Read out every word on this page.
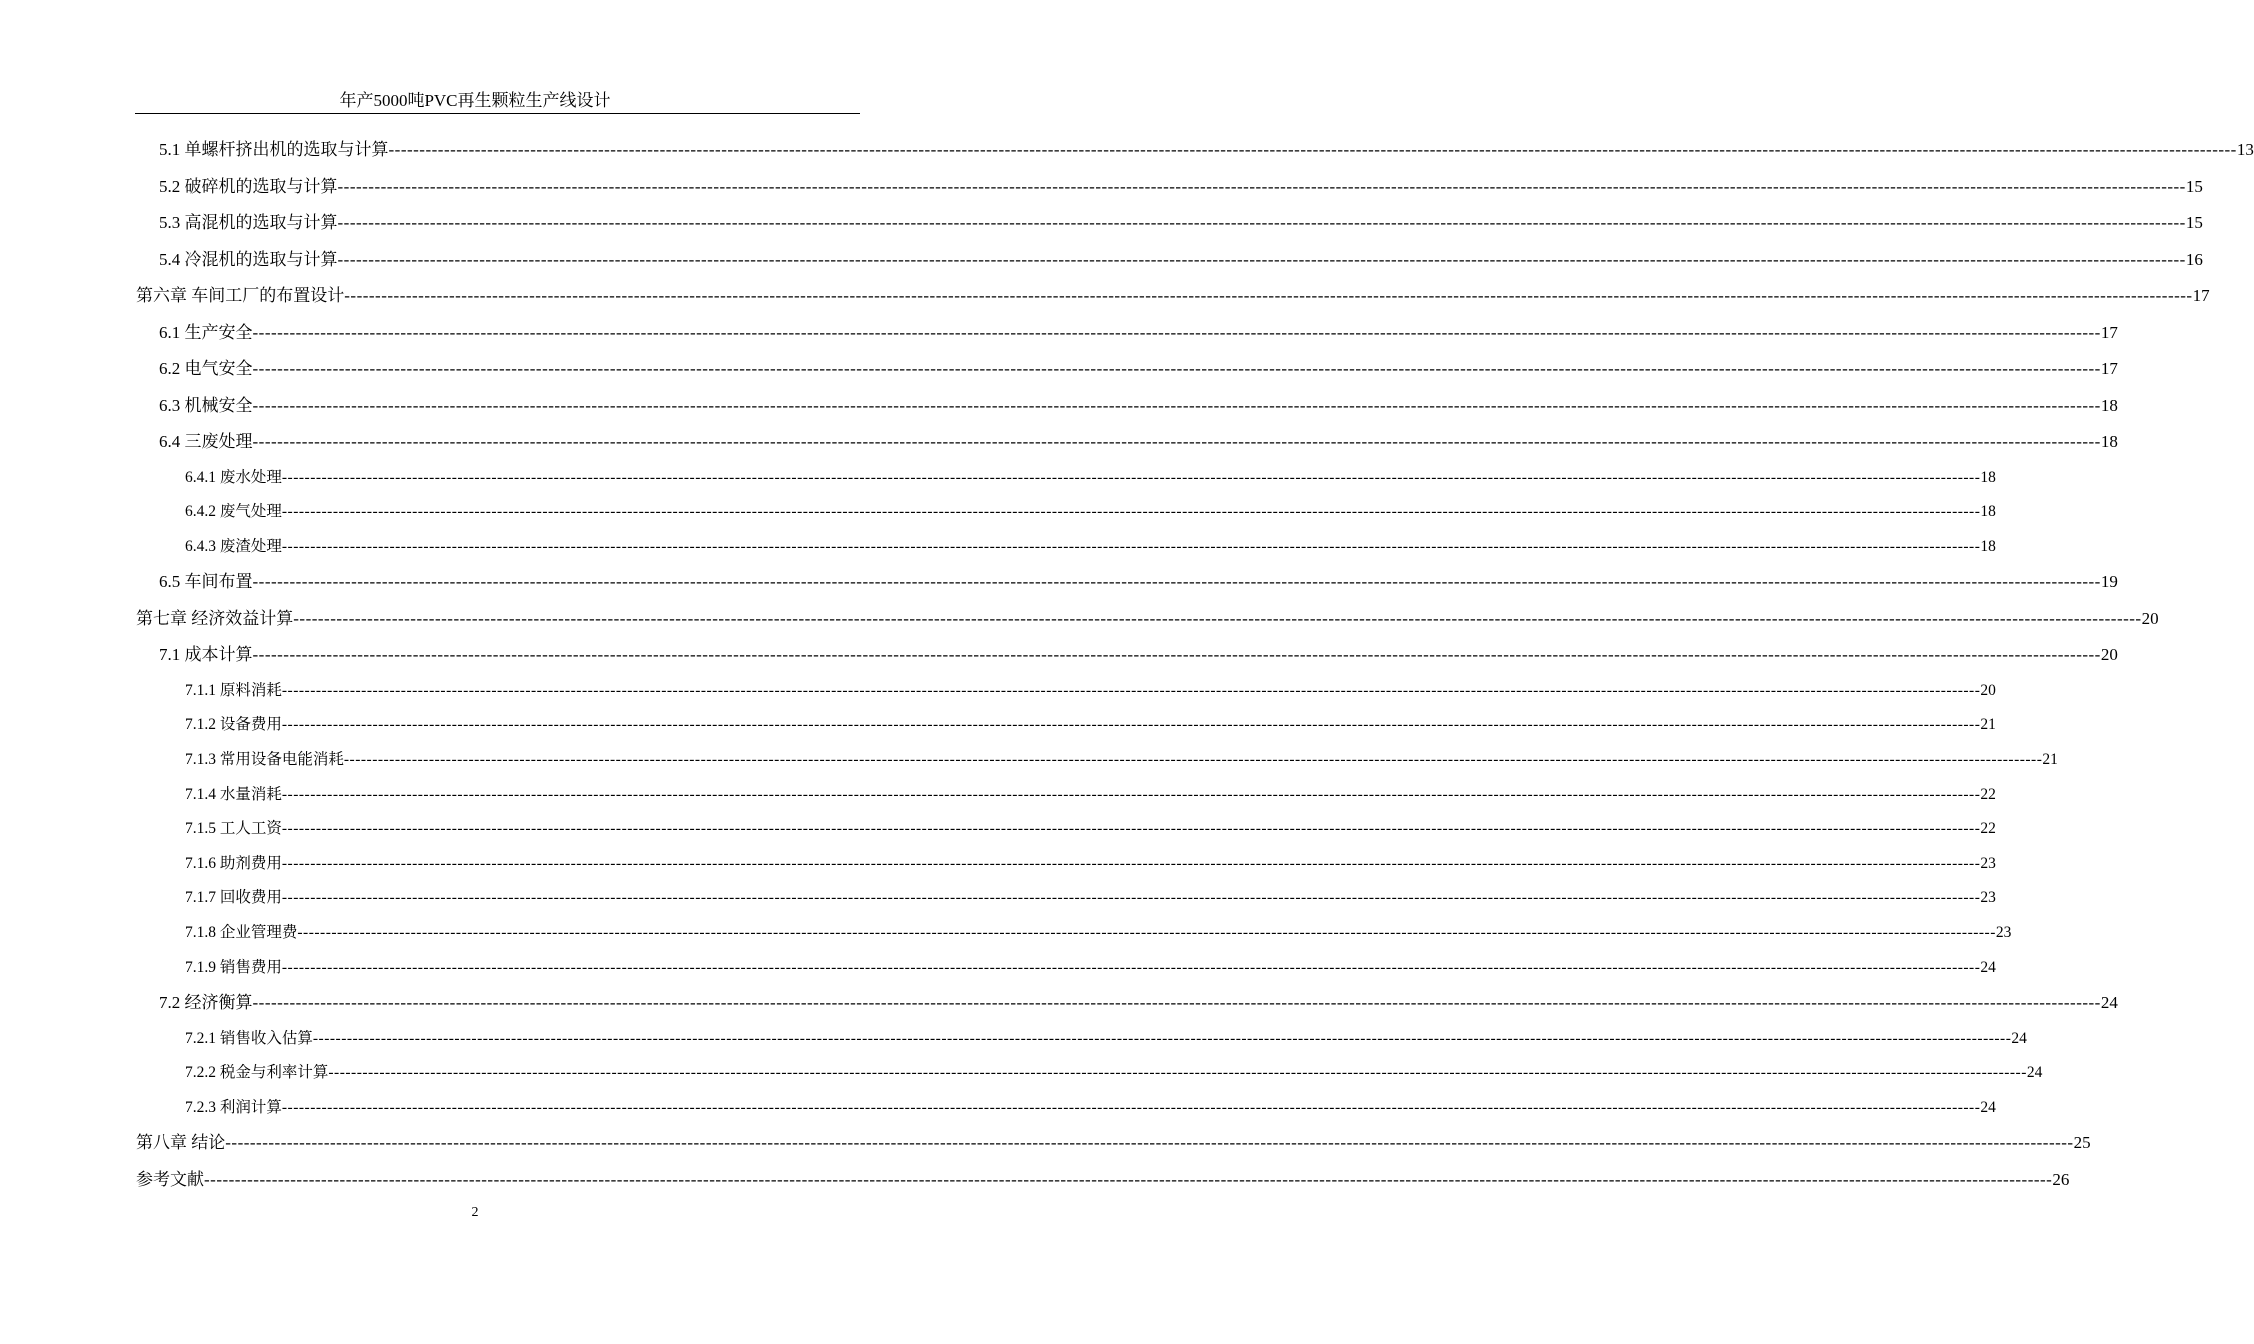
年产5000吨PVC再生颗粒生产线设计
5.1 单螺杆挤出机的选取与计算 ------------------------------------------------------------------------------------------------------------------------------------------------------------------------------------------------------------------------------------------------------------------------------------------------------------ 13
5.2 破碎机的选取与计算 ------------------------------------------------------------------------------------------------------------------------------------------------------------------------------------------------------------------------------------------------------------------------------------------------------------ 15
5.3 高混机的选取与计算 ------------------------------------------------------------------------------------------------------------------------------------------------------------------------------------------------------------------------------------------------------------------------------------------------------------ 15
5.4 冷混机的选取与计算 ------------------------------------------------------------------------------------------------------------------------------------------------------------------------------------------------------------------------------------------------------------------------------------------------------------ 16
第六章 车间工厂的布置设计 ------------------------------------------------------------------------------------------------------------------------------------------------------------------------------------------------------------------------------------------------------------------------------------------------------------ 17
6.1 生产安全 ------------------------------------------------------------------------------------------------------------------------------------------------------------------------------------------------------------------------------------------------------------------------------------------------------------ 17
6.2 电气安全 ------------------------------------------------------------------------------------------------------------------------------------------------------------------------------------------------------------------------------------------------------------------------------------------------------------ 17
6.3 机械安全 ------------------------------------------------------------------------------------------------------------------------------------------------------------------------------------------------------------------------------------------------------------------------------------------------------------ 18
6.4 三废处理 ------------------------------------------------------------------------------------------------------------------------------------------------------------------------------------------------------------------------------------------------------------------------------------------------------------ 18
6.4.1 废水处理 ------------------------------------------------------------------------------------------------------------------------------------------------------------------------------------------------------------------------------------------------------------------------------------------------------------ 18
6.4.2 废气处理 ------------------------------------------------------------------------------------------------------------------------------------------------------------------------------------------------------------------------------------------------------------------------------------------------------------ 18
6.4.3 废渣处理 ------------------------------------------------------------------------------------------------------------------------------------------------------------------------------------------------------------------------------------------------------------------------------------------------------------ 18
6.5 车间布置 ------------------------------------------------------------------------------------------------------------------------------------------------------------------------------------------------------------------------------------------------------------------------------------------------------------ 19
第七章 经济效益计算 ------------------------------------------------------------------------------------------------------------------------------------------------------------------------------------------------------------------------------------------------------------------------------------------------------------ 20
7.1 成本计算 ------------------------------------------------------------------------------------------------------------------------------------------------------------------------------------------------------------------------------------------------------------------------------------------------------------ 20
7.1.1 原料消耗 ------------------------------------------------------------------------------------------------------------------------------------------------------------------------------------------------------------------------------------------------------------------------------------------------------------ 20
7.1.2 设备费用 ------------------------------------------------------------------------------------------------------------------------------------------------------------------------------------------------------------------------------------------------------------------------------------------------------------ 21
7.1.3 常用设备电能消耗 ------------------------------------------------------------------------------------------------------------------------------------------------------------------------------------------------------------------------------------------------------------------------------------------------------------ 21
7.1.4 水量消耗 ------------------------------------------------------------------------------------------------------------------------------------------------------------------------------------------------------------------------------------------------------------------------------------------------------------ 22
7.1.5 工人工资 ------------------------------------------------------------------------------------------------------------------------------------------------------------------------------------------------------------------------------------------------------------------------------------------------------------ 22
7.1.6 助剂费用 ------------------------------------------------------------------------------------------------------------------------------------------------------------------------------------------------------------------------------------------------------------------------------------------------------------ 23
7.1.7 回收费用 ------------------------------------------------------------------------------------------------------------------------------------------------------------------------------------------------------------------------------------------------------------------------------------------------------------ 23
7.1.8 企业管理费 ------------------------------------------------------------------------------------------------------------------------------------------------------------------------------------------------------------------------------------------------------------------------------------------------------------ 23
7.1.9 销售费用 ------------------------------------------------------------------------------------------------------------------------------------------------------------------------------------------------------------------------------------------------------------------------------------------------------------ 24
7.2 经济衡算 ------------------------------------------------------------------------------------------------------------------------------------------------------------------------------------------------------------------------------------------------------------------------------------------------------------ 24
7.2.1 销售收入估算 ------------------------------------------------------------------------------------------------------------------------------------------------------------------------------------------------------------------------------------------------------------------------------------------------------------ 24
7.2.2 税金与利率计算 ------------------------------------------------------------------------------------------------------------------------------------------------------------------------------------------------------------------------------------------------------------------------------------------------------------ 24
7.2.3 利润计算 ------------------------------------------------------------------------------------------------------------------------------------------------------------------------------------------------------------------------------------------------------------------------------------------------------------ 24
第八章 结论 ------------------------------------------------------------------------------------------------------------------------------------------------------------------------------------------------------------------------------------------------------------------------------------------------------------ 25
参考文献 ------------------------------------------------------------------------------------------------------------------------------------------------------------------------------------------------------------------------------------------------------------------------------------------------------------ 26
2
